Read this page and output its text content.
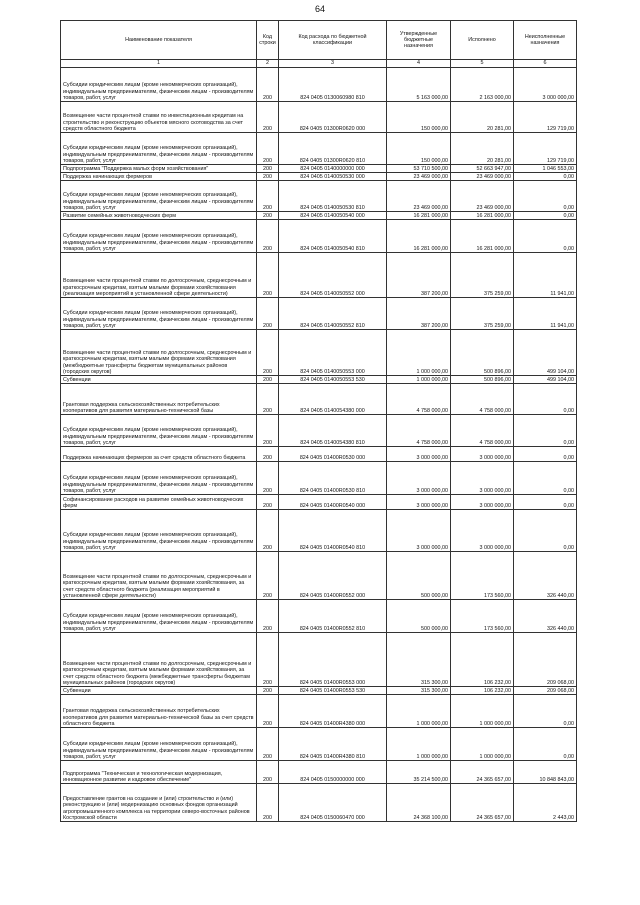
64
Наименование показателя	Код строки	Код расхода по бюджетной классификации	Утвержденные бюджетные назначения	Исполнено	Неисполненные назначения
1	2	3	4	5	6
Субсидии юридическим лицам (кроме некоммерческих организаций), индивидуальным предпринимателям, физическим лицам - производителям товаров, работ, услуг	200	824 0405 0130060980 810	5 163 000,00	2 163 000,00	3 000 000,00
Возмещение части процентной ставки по инвестиционным кредитам на строительство и реконструкцию объектов мясного скотоводства за счет средств областного бюджета	200	824 0405 01300R0620 000	150 000,00	20 281,00	129 719,00
Субсидии юридическим лицам (кроме некоммерческих организаций), индивидуальным предпринимателям, физическим лицам - производителям товаров, работ, услуг	200	824 0405 01300R0620 810	150 000,00	20 281,00	129 719,00
Подпрограмма "Поддержка малых форм хозяйствования"	200	824 0405 0140000000 000	53 710 500,00	52 663 947,00	1 046 553,00
Поддержка начинающих фермеров	200	824 0405 0140050530 000	23 469 000,00	23 469 000,00	0,00
Субсидии юридическим лицам (кроме некоммерческих организаций), индивидуальным предпринимателям, физическим лицам - производителям товаров, работ, услуг	200	824 0405 0140050530 810	23 469 000,00	23 469 000,00	0,00
Развитие семейных животноводческих ферм	200	824 0405 0140050540 000	16 281 000,00	16 281 000,00	0,00
Субсидии юридическим лицам (кроме некоммерческих организаций), индивидуальным предпринимателям, физическим лицам - производителям товаров, работ, услуг	200	824 0405 0140050540 810	16 281 000,00	16 281 000,00	0,00
Возмещение части процентной ставки по долгосрочным, среднесрочным и краткосрочным кредитам, взятым малыми формами хозяйствования (реализация мероприятий в установленной сфере деятельности)	200	824 0405 0140050552 000	387 200,00	375 259,00	11 941,00
Субсидии юридическим лицам (кроме некоммерческих организаций), индивидуальным предпринимателям, физическим лицам - производителям товаров, работ, услуг	200	824 0405 0140050552 810	387 200,00	375 259,00	11 941,00
Возмещение части процентной ставки по долгосрочным, среднесрочным и краткосрочным кредитам, взятым малыми формами хозяйствования (межбюджетные трансферты бюджетам муниципальных районов (городских округов)	200	824 0405 0140050553 000	1 000 000,00	500 896,00	499 104,00
Субвенции	200	824 0405 0140050553 530	1 000 000,00	500 896,00	499 104,00
Грантовая поддержка сельскохозяйственных потребительских кооперативов для развития материально-технической базы	200	824 0405 0140054380 000	4 758 000,00	4 758 000,00	0,00
Субсидии юридическим лицам (кроме некоммерческих организаций), индивидуальным предпринимателям, физическим лицам - производителям товаров, работ, услуг	200	824 0405 0140054380 810	4 758 000,00	4 758 000,00	0,00
Поддержка начинающих фермеров за счет средств областного бюджета	200	824 0405 01400R0530 000	3 000 000,00	3 000 000,00	0,00
Субсидии юридическим лицам (кроме некоммерческих организаций), индивидуальным предпринимателям, физическим лицам - производителям товаров, работ, услуг	200	824 0405 01400R0530 810	3 000 000,00	3 000 000,00	0,00
Софинансирование расходов на развитие семейных животноводческих ферм	200	824 0405 01400R0540 000	3 000 000,00	3 000 000,00	0,00
Субсидии юридическим лицам (кроме некоммерческих организаций), индивидуальным предпринимателям, физическим лицам - производителям товаров, работ, услуг	200	824 0405 01400R0540 810	3 000 000,00	3 000 000,00	0,00
Возмещение части процентной ставки по долгосрочным, среднесрочным и краткосрочным кредитам, взятым малыми формами хозяйствования, за счет средств областного бюджета (реализация мероприятий в установленной сфере деятельности)	200	824 0405 01400R0552 000	500 000,00	173 560,00	326 440,00
Субсидии юридическим лицам (кроме некоммерческих организаций), индивидуальным предпринимателям, физическим лицам - производителям товаров, работ, услуг	200	824 0405 01400R0552 810	500 000,00	173 560,00	326 440,00
Возмещение части процентной ставки по долгосрочным, среднесрочным и краткосрочным кредитам, взятым малыми формами хозяйствования, за счет средств областного бюджета (межбюджетные трансферты бюджетам муниципальных районов (городских округов)	200	824 0405 01400R0553 000	315 300,00	106 232,00	209 068,00
Субвенции	200	824 0405 01400R0553 530	315 300,00	106 232,00	209 068,00
Грантовая поддержка сельскохозяйственных потребительских кооперативов для развития материально-технической базы за счет средств областного бюджета	200	824 0405 01400R4380 000	1 000 000,00	1 000 000,00	0,00
Субсидии юридическим лицам (кроме некоммерческих организаций), индивидуальным предпринимателям, физическим лицам - производителям товаров, работ, услуг	200	824 0405 01400R4380 810	1 000 000,00	1 000 000,00	0,00
Подпрограмма "Техническая и технологическая модернизация, инновационное развитие и кадровое обеспечение"	200	824 0405 0150000000 000	35 214 500,00	24 365 657,00	10 848 843,00
Предоставление грантов на создание и (или) строительство и (или) реконструкцию и (или) модернизацию основных фондов организаций агропромышленного комплекса на территории северо-восточных районов Костромской области	200	824 0405 0150060470 000	24 368 100,00	24 365 657,00	2 443,00
